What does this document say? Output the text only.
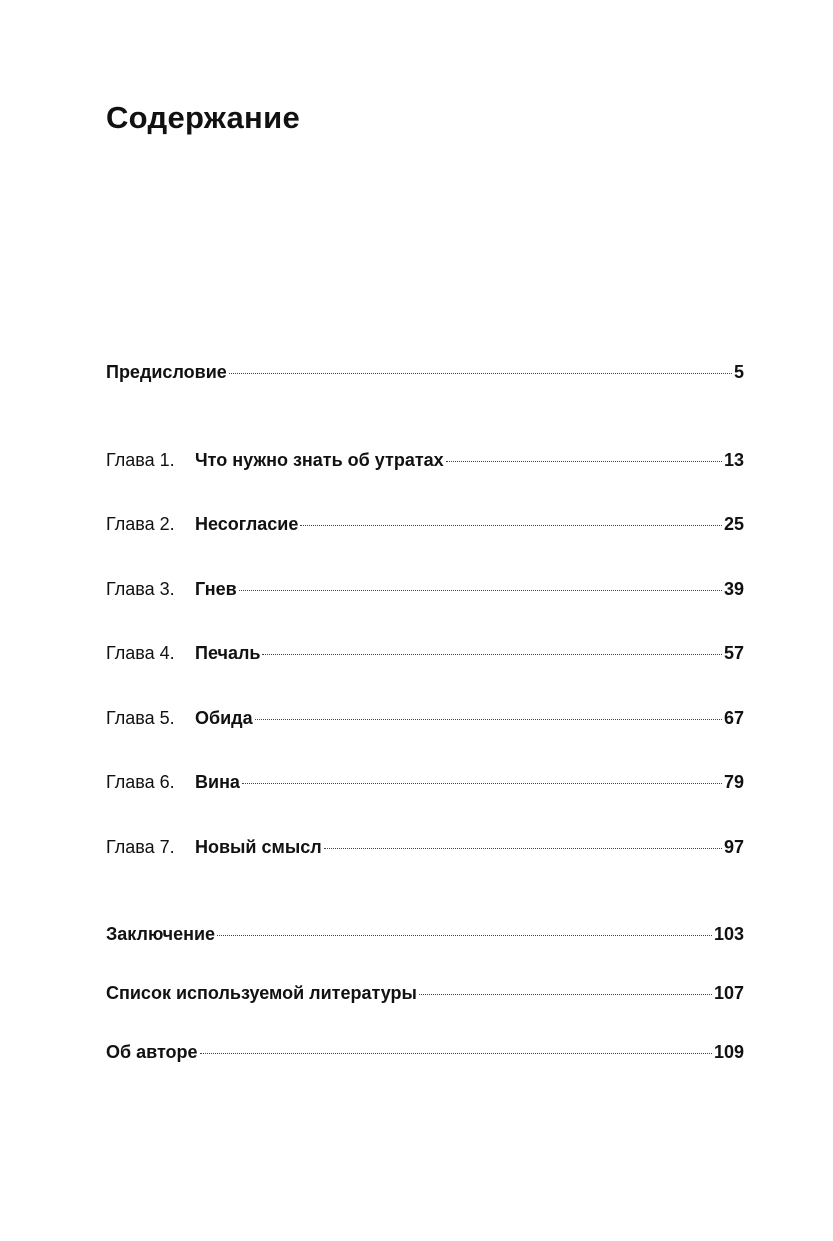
Содержание
Предисловие	5
Глава 1.	Что нужно знать об утратах	13
Глава 2.	Несогласие	25
Глава 3.	Гнев	39
Глава 4.	Печаль	57
Глава 5.	Обида	67
Глава 6.	Вина	79
Глава 7.	Новый смысл	97
Заключение	103
Список используемой литературы	107
Об авторе	109
